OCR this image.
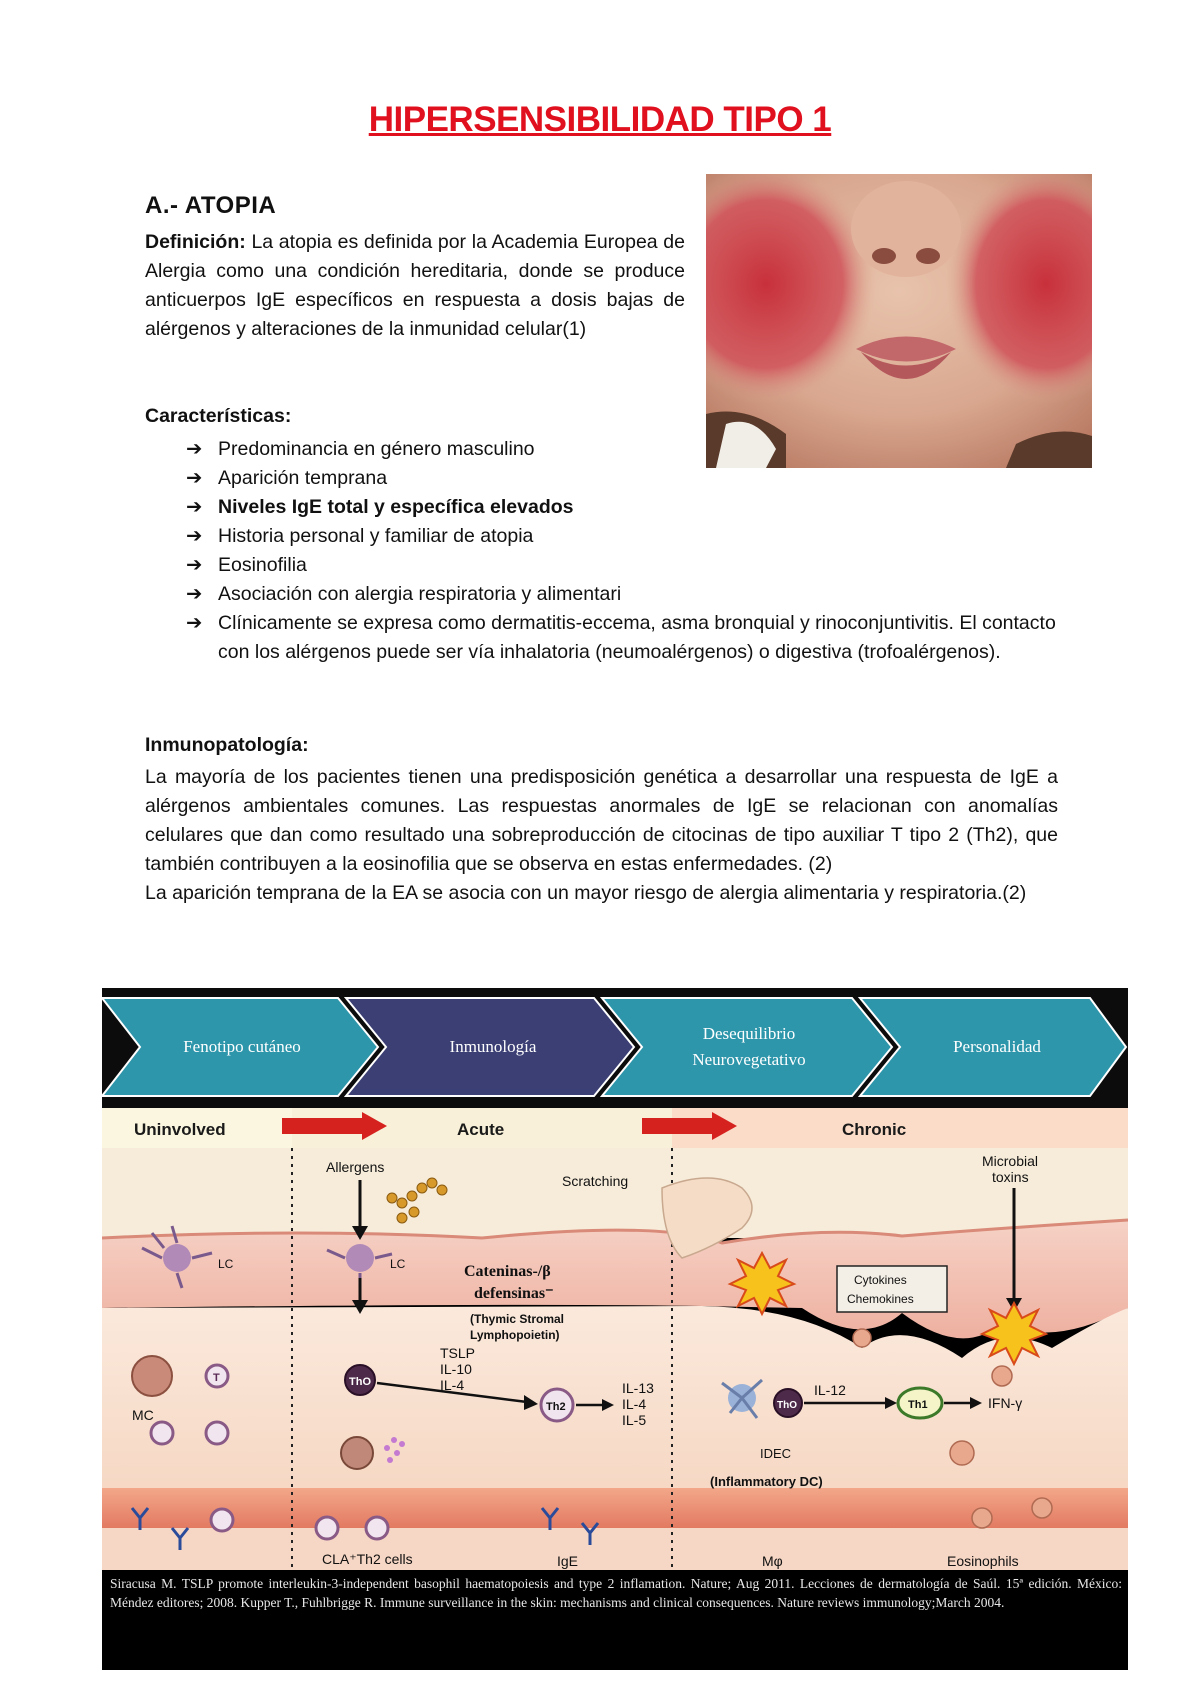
HIPERSENSIBILIDAD TIPO 1
A.- ATOPIA
Definición: La atopia es definida por la Academia Europea de Alergia como una condición hereditaria, donde se produce anticuerpos IgE específicos en respuesta a dosis bajas de alérgenos y alteraciones de la inmunidad celular(1)
Características:
➔ Predominancia en género masculino
➔ Aparición temprana
➔ Niveles IgE total y específica elevados
➔ Historia personal y familiar de atopia
➔ Eosinofilia
➔ Asociación con alergia respiratoria y alimentari
➔ Clínicamente se expresa como dermatitis-eccema, asma bronquial y rinoconjuntivitis. El contacto con los alérgenos puede ser vía inhalatoria (neumoalérgenos) o digestiva (trofoalérgenos).
Inmunopatología:

La mayoría de los pacientes tienen una predisposición genética a desarrollar una respuesta de IgE a alérgenos ambientales comunes. Las respuestas anormales de IgE se relacionan con anomalías celulares que dan como resultado una sobreproducción de citocinas de tipo auxiliar T tipo 2 (Th2), que también contribuyen a la eosinofilia que se observa en estas enfermedades. (2)

La aparición temprana de la EA se asocia con un mayor riesgo de alergia alimentaria y respiratoria.(2)

Fenotipo cutáneo	Inmunología
Desequilibrio
Neurovegetativo
Personalidad
Uninvolved	Acute	Chronic
Allergens
Scratching
Microbial
toxins
Cytokines
Chemokines
LC	LC	Cateninas-/β
defensinas⁻
(Thymic Stromal
Lymphopoietin)
ThO
TSLP
IL-10
IL-4
Th2
IL-13
IL-4
IL-5
MC
T
ThO
IL-12
Th1	IFN-γ
IDEC
(Inflammatory DC)
CLA⁺Th2 cells	IgE	Mφ	Eosinophils
Siracusa M. TSLP promote interleukin-3-independent basophil haematopoiesis and type 2 inflamation. Nature; Aug 2011. Lecciones de dermatología de Saúl. 15ª edición. México: Méndez editores; 2008. Kupper T., Fuhlbrigge R. Immune surveillance in the skin: mechanisms and clinical consequences. Nature reviews immunology;March 2004.
